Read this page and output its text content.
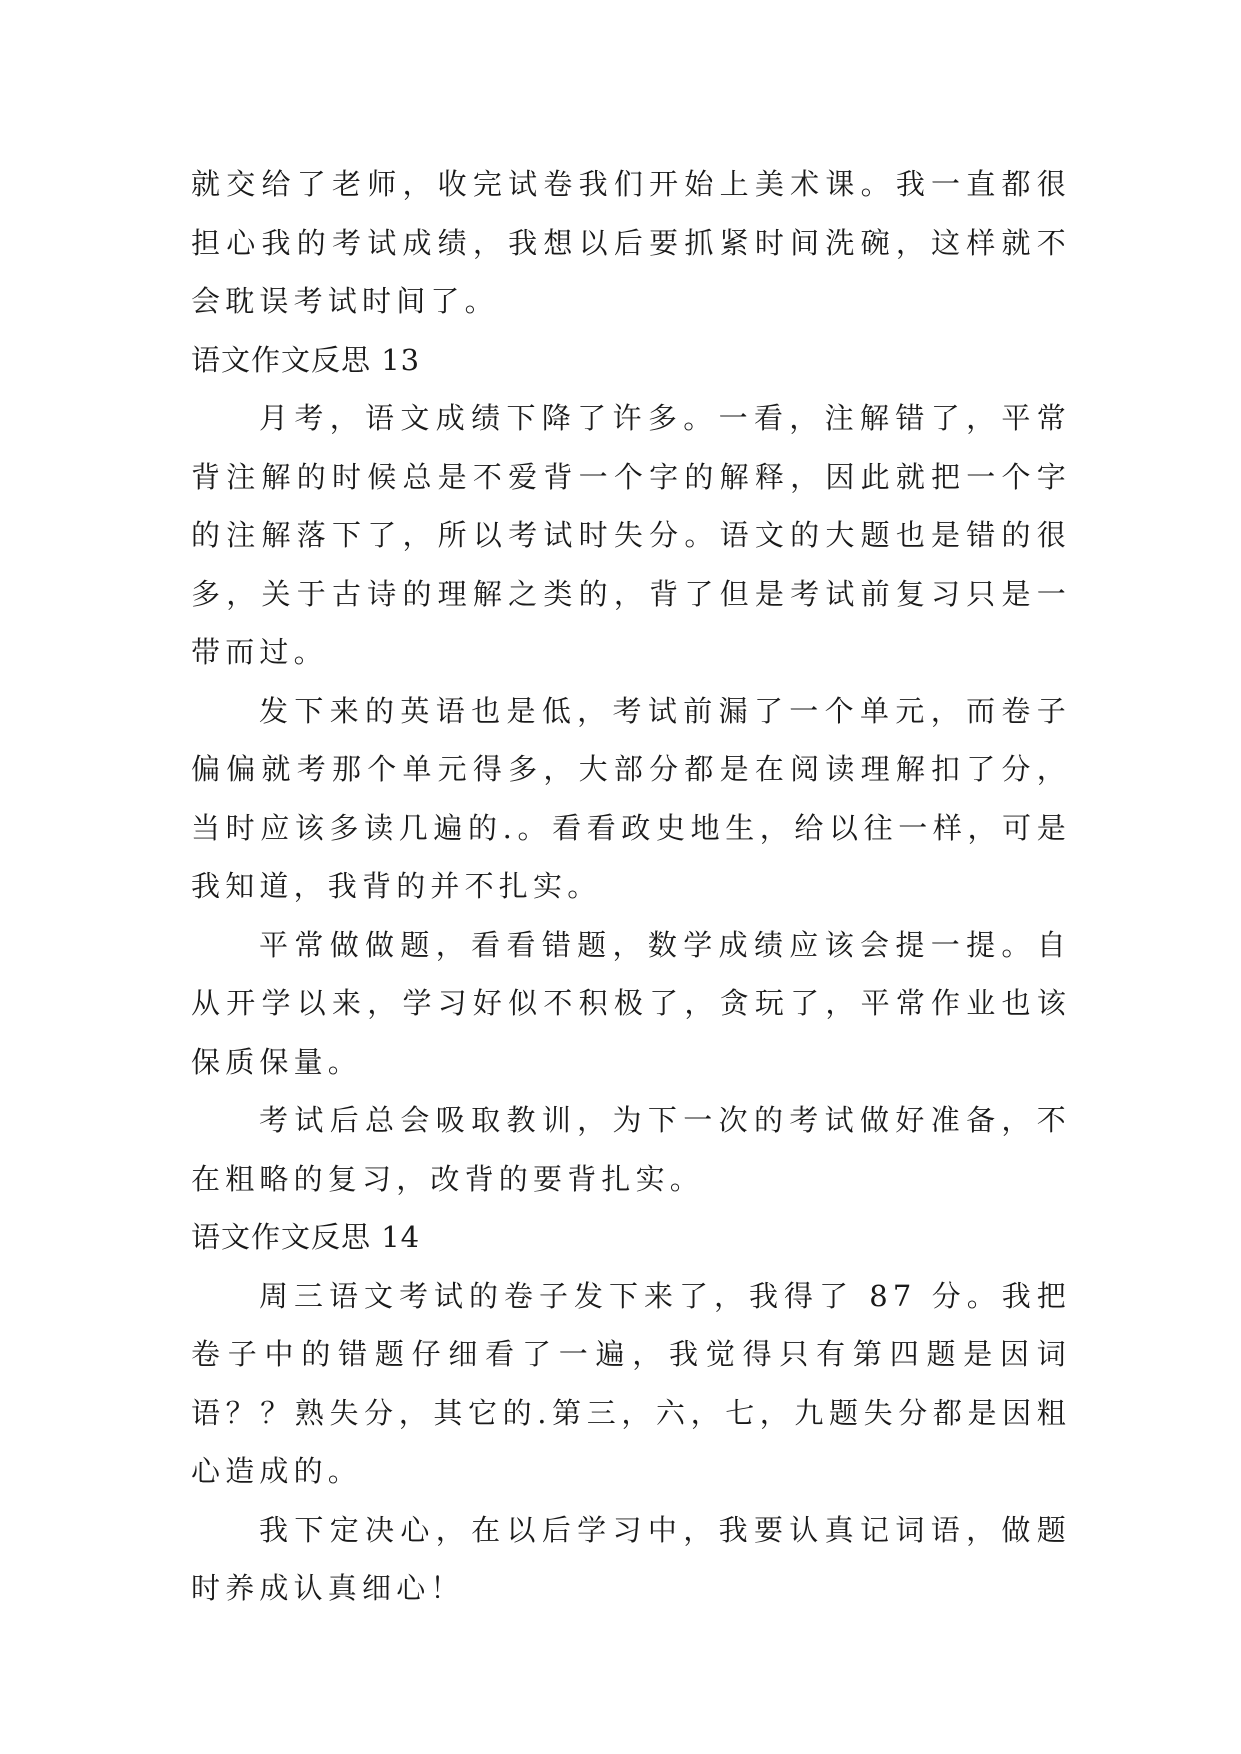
就交给了老师，收完试卷我们开始上美术课。我一直都很担心我的考试成绩，我想以后要抓紧时间洗碗，这样就不会耽误考试时间了。

语文作文反思 13

月考，语文成绩下降了许多。一看，注解错了，平常背注解的时候总是不爱背一个字的解释，因此就把一个字的注解落下了，所以考试时失分。语文的大题也是错的很多，关于古诗的理解之类的，背了但是考试前复习只是一带而过。

发下来的英语也是低，考试前漏了一个单元，而卷子偏偏就考那个单元得多，大部分都是在阅读理解扣了分，当时应该多读几遍的.。看看政史地生，给以往一样，可是我知道，我背的并不扎实。

平常做做题，看看错题，数学成绩应该会提一提。自从开学以来，学习好似不积极了，贪玩了，平常作业也该保质保量。

考试后总会吸取教训，为下一次的考试做好准备，不在粗略的复习，改背的要背扎实。

语文作文反思 14

周三语文考试的卷子发下来了，我得了 87 分。我把卷子中的错题仔细看了一遍，我觉得只有第四题是因词语？？熟失分，其它的.第三，六，七，九题失分都是因粗心造成的。

我下定决心，在以后学习中，我要认真记词语，做题时养成认真细心！
